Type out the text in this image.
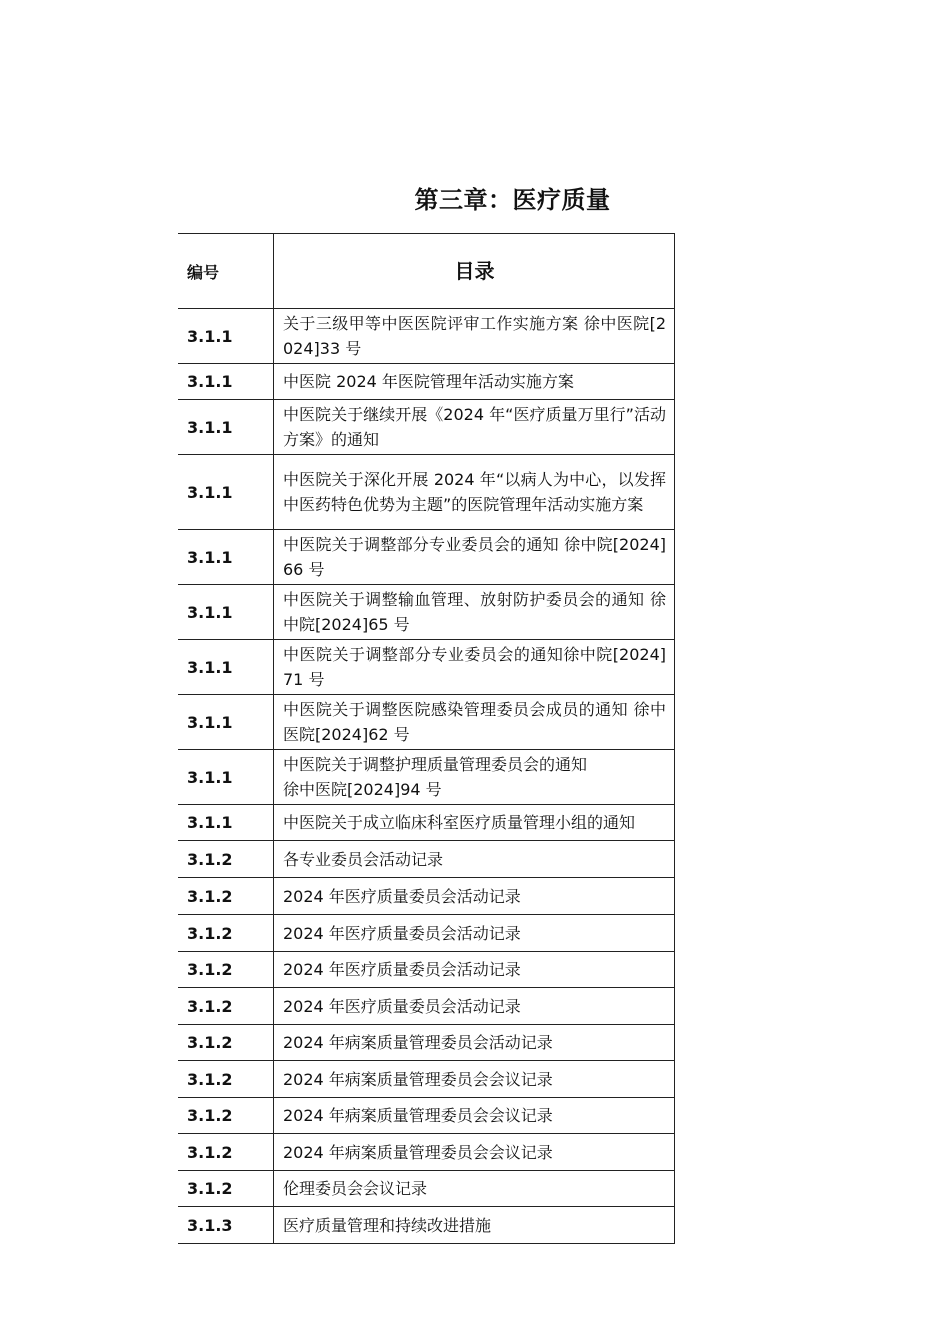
第三章：医疗质量
编号	目录
3.1.1	关于三级甲等中医医院评审工作实施方案 徐中医院[2024]33 号
3.1.1	中医院 2024 年医院管理年活动实施方案
3.1.1	中医院关于继续开展《2024 年“医疗质量万里行”活动方案》的通知
3.1.1	中医院关于深化开展 2024 年“以病人为中心，以发挥中医药特色优势为主题”的医院管理年活动实施方案
3.1.1	中医院关于调整部分专业委员会的通知 徐中院[2024]66 号
3.1.1	中医院关于调整输血管理、放射防护委员会的通知 徐中院[2024]65 号
3.1.1	中医院关于调整部分专业委员会的通知徐中院[2024]71 号
3.1.1	中医院关于调整医院感染管理委员会成员的通知 徐中医院[2024]62 号
3.1.1	中医院关于调整护理质量管理委员会的通知
徐中医院[2024]94 号
3.1.1	中医院关于成立临床科室医疗质量管理小组的通知
3.1.2	各专业委员会活动记录
3.1.2	2024 年医疗质量委员会活动记录
3.1.2	2024 年医疗质量委员会活动记录
3.1.2	2024 年医疗质量委员会活动记录
3.1.2	2024 年医疗质量委员会活动记录
3.1.2	2024 年病案质量管理委员会活动记录
3.1.2	2024 年病案质量管理委员会会议记录
3.1.2	2024 年病案质量管理委员会会议记录
3.1.2	2024 年病案质量管理委员会会议记录
3.1.2	伦理委员会会议记录
3.1.3	医疗质量管理和持续改进措施
